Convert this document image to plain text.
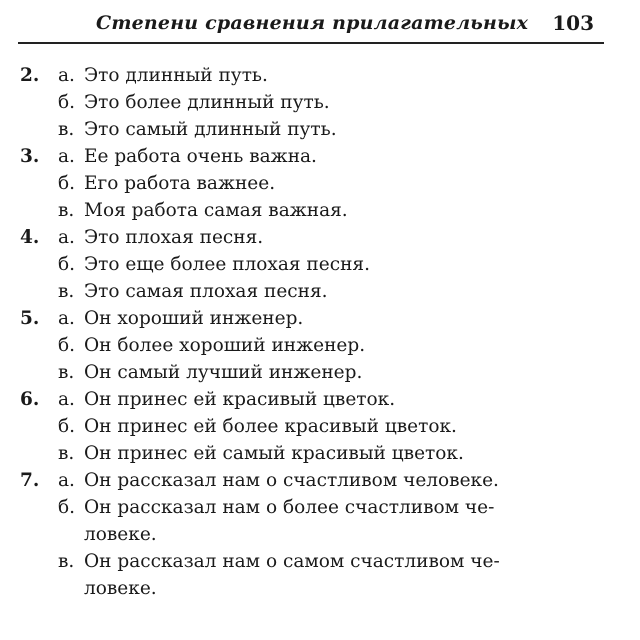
Степени сравнения прилагательных 103
2.	а. Это длинный путь.
б. Это более длинный путь.
в. Это самый длинный путь.
3.	а. Ее работа очень важна.
б. Его работа важнее.
в. Моя работа самая важная.
4.	а. Это плохая песня.
б. Это еще более плохая песня.
в. Это самая плохая песня.
5.	а. Он хороший инженер.
б. Он более хороший инженер.
в. Он самый лучший инженер.
6.	а. Он принес ей красивый цветок.
б. Он принес ей более красивый цветок.
в. Он принес ей самый красивый цветок.
7.	а. Он рассказал нам о счастливом человеке.
б. Он рассказал нам о более счастливом че-
ловеке.
в. Он рассказал нам о самом счастливом че-
ловеке.
